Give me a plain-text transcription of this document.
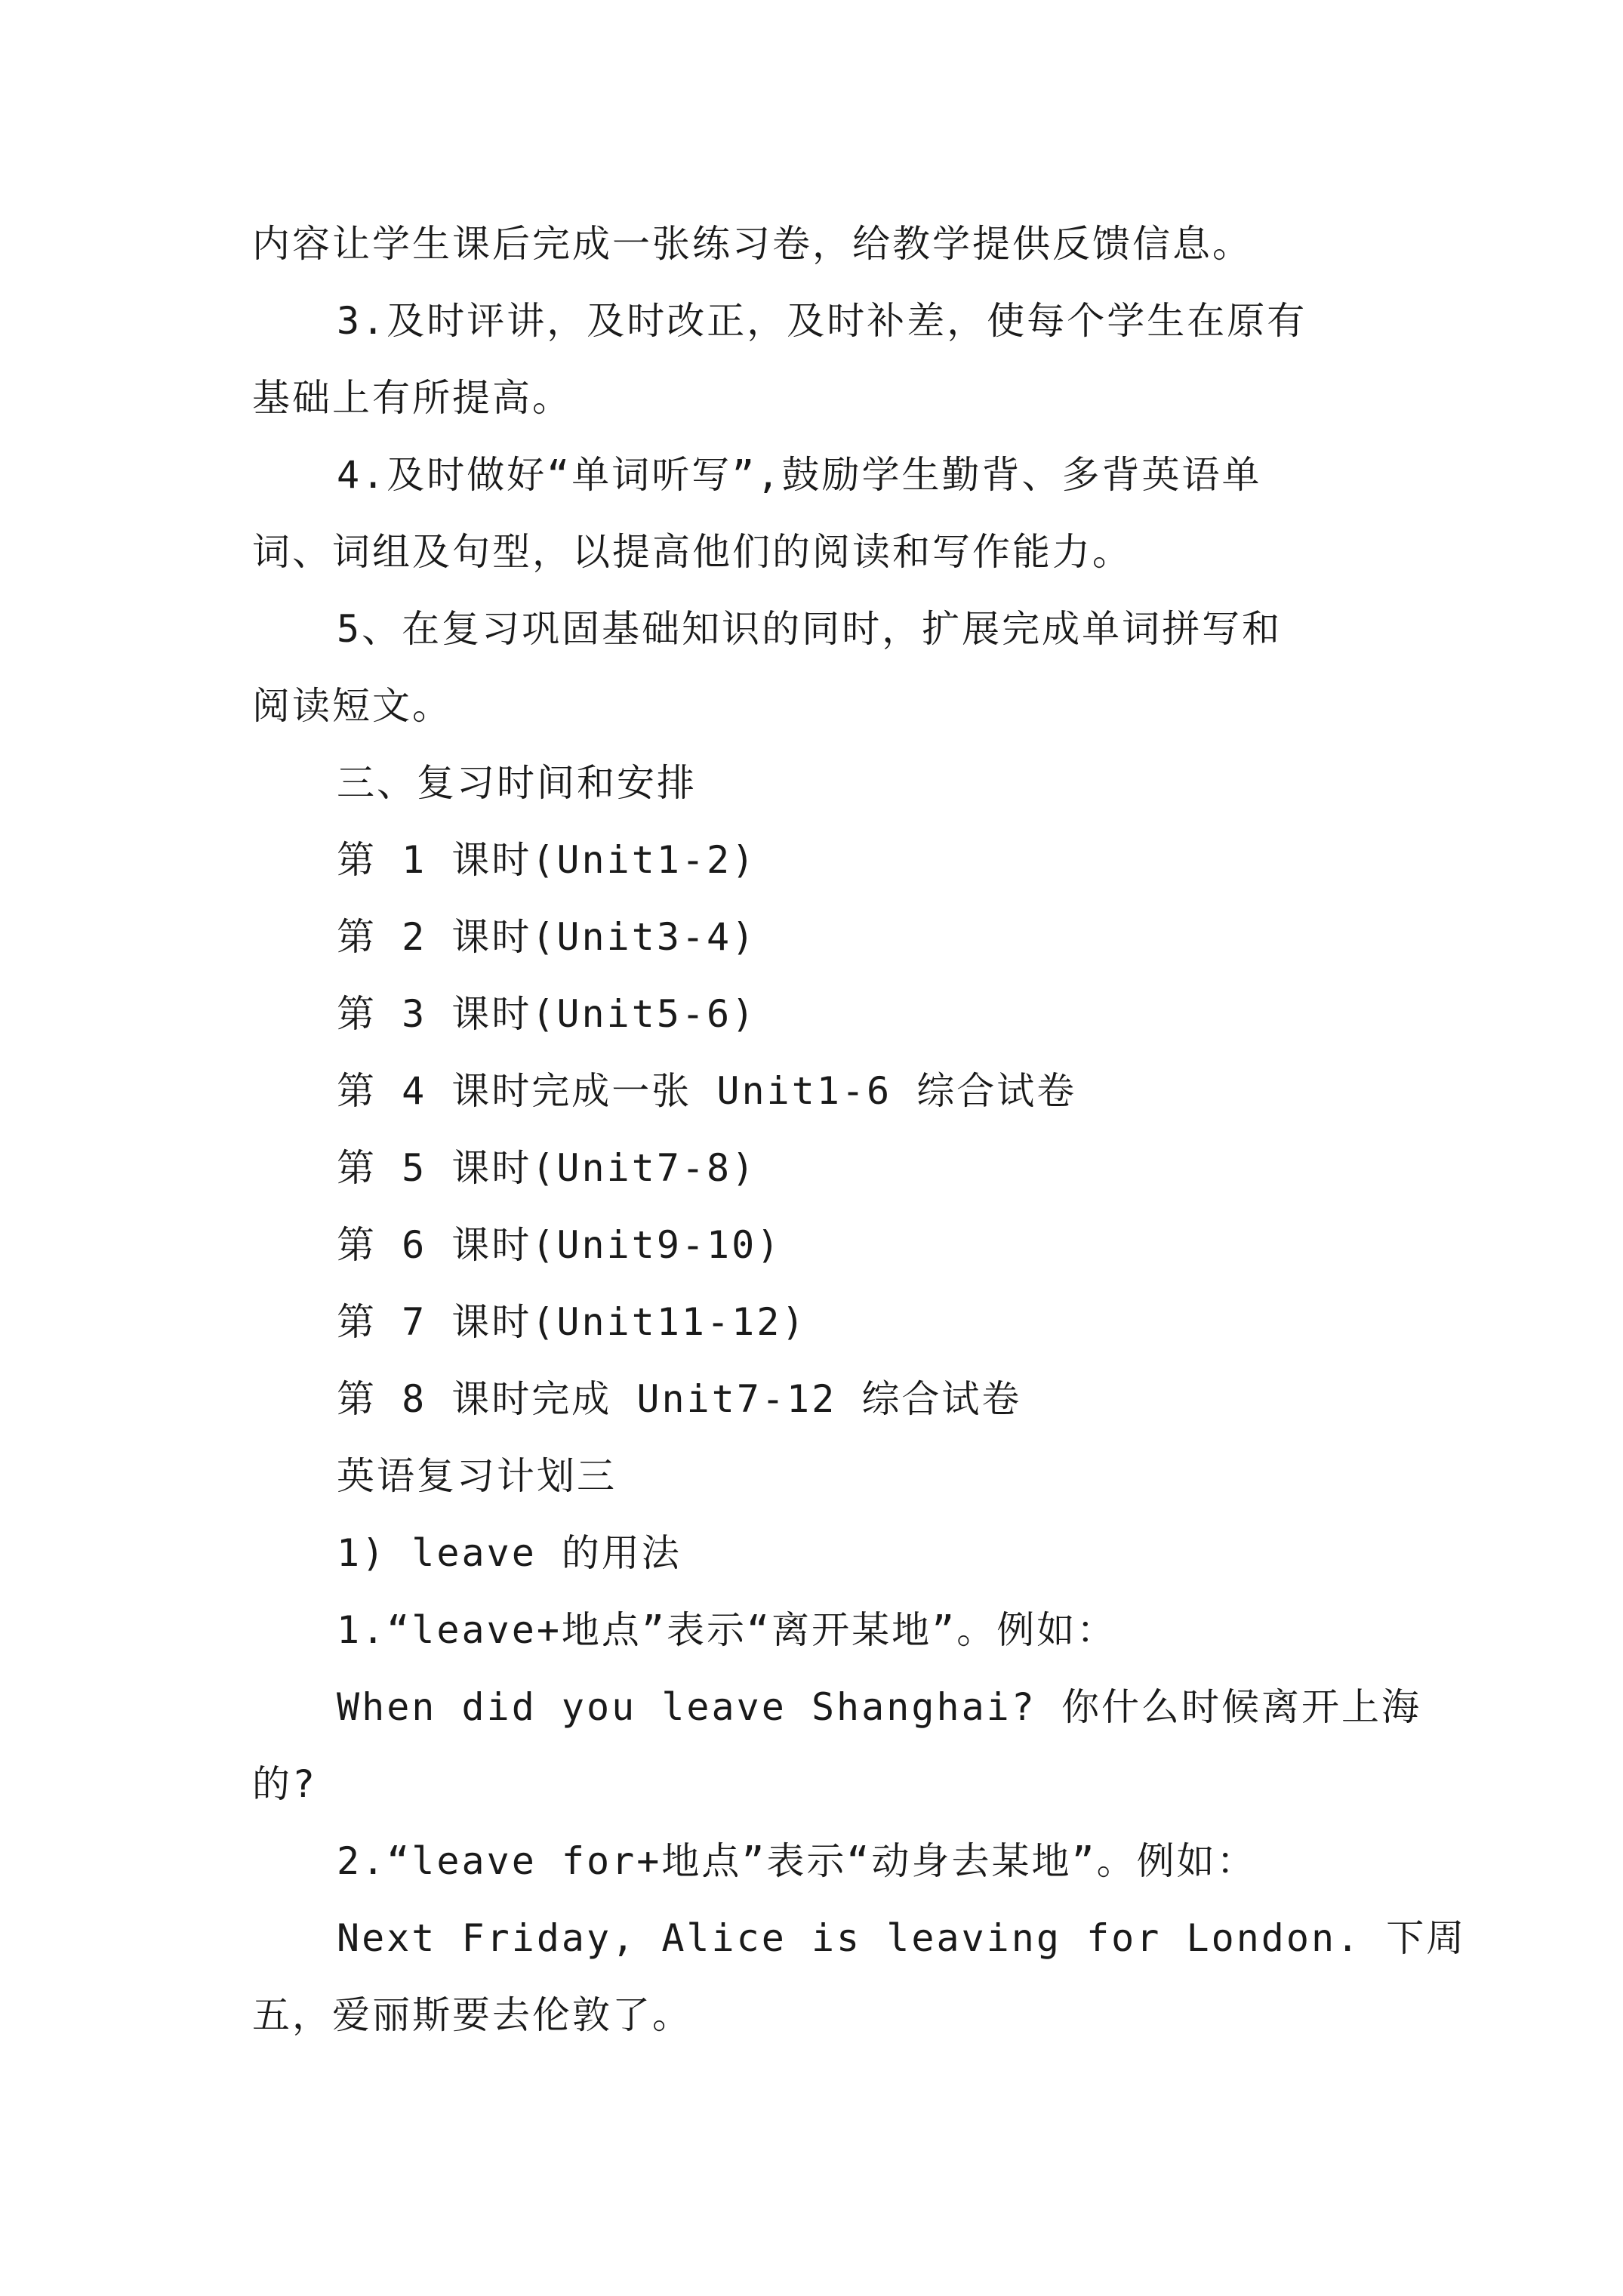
内容让学生课后完成一张练习卷，给教学提供反馈信息。
3.及时评讲，及时改正，及时补差，使每个学生在原有
基础上有所提高。
4.及时做好“单词听写”,鼓励学生勤背、多背英语单
词、词组及句型，以提高他们的阅读和写作能力。
5、在复习巩固基础知识的同时，扩展完成单词拼写和
阅读短文。
三、复习时间和安排
第 1 课时(Unit1-2)
第 2 课时(Unit3-4)
第 3 课时(Unit5-6)
第 4 课时完成一张 Unit1-6 综合试卷
第 5 课时(Unit7-8)
第 6 课时(Unit9-10)
第 7 课时(Unit11-12)
第 8 课时完成 Unit7-12 综合试卷
英语复习计划三
1) leave 的用法
1.“leave+地点”表示“离开某地”。例如：
When did you leave Shanghai? 你什么时候离开上海
的?
2.“leave for+地点”表示“动身去某地”。例如：
Next Friday, Alice is leaving for London. 下周
五，爱丽斯要去伦敦了。
